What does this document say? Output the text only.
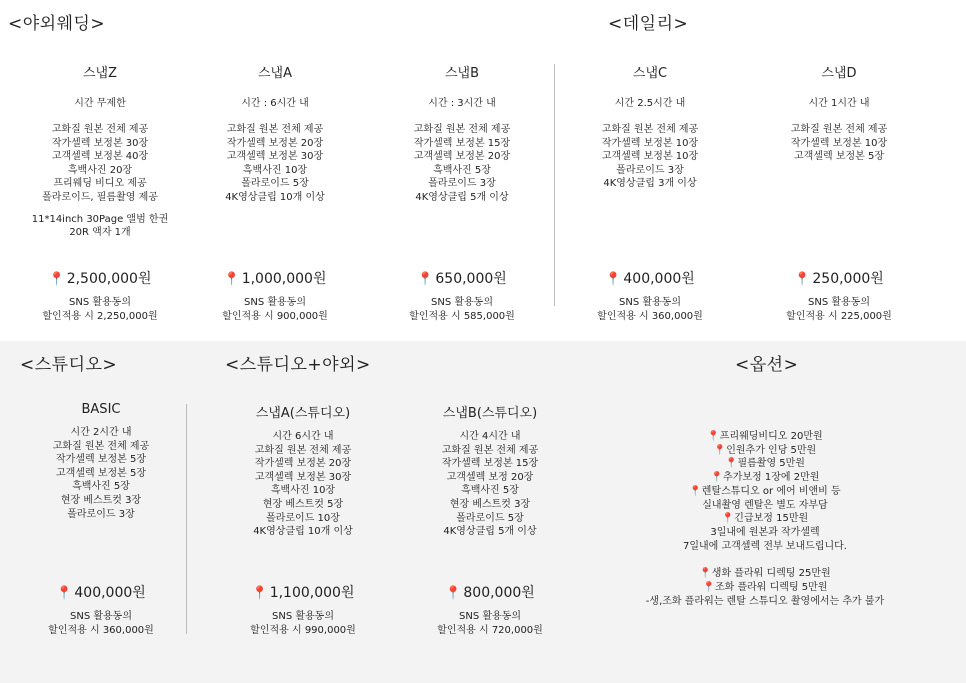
<야외웨딩>
스냅Z
시간 무제한
고화질 원본 전체 제공
작가셀렉 보정본 30장
고객셀렉 보정본 40장
흑백사진 20장
프리웨딩 비디오 제공
폴라로이드, 필름촬영 제공
11*14inch 30Page 앨범 한권
20R 액자 1개
📍 2,500,000원
SNS 활용동의
할인적용 시 2,250,000원
스냅A
시간 : 6시간 내
고화질 원본 전체 제공
작가셀렉 보정본 20장
고객셀렉 보정본 30장
흑백사진 10장
폴라로이드 5장
4K영상클립 10개 이상
📍 1,000,000원
SNS 활용동의
할인적용 시 900,000원
스냅B
시간 : 3시간 내
고화질 원본 전체 제공
작가셀렉 보정본 15장
고객셀렉 보정본 20장
흑백사진 5장
폴라로이드 3장
4K영상클립 5개 이상
📍 650,000원
SNS 활용동의
할인적용 시 585,000원
<데일리>
스냅C
시간 2.5시간 내
고화질 원본 전체 제공
작가셀렉 보정본 10장
고객셀렉 보정본 10장
폴라로이드 3장
4K영상클립 3개 이상
📍 400,000원
SNS 활용동의
할인적용 시 360,000원
스냅D
시간 1시간 내
고화질 원본 전체 제공
작가셀렉 보정본 10장
고객셀렉 보정본 5장
📍 250,000원
SNS 활용동의
할인적용 시 225,000원
<스튜디오>
BASIC
시간 2시간 내
고화질 원본 전체 제공
작가셀렉 보정본 5장
고객셀렉 보정본 5장
흑백사진 5장
현장 베스트컷 3장
폴라로이드 3장
📍 400,000원
SNS 활용동의
할인적용 시 360,000원
<스튜디오+야외>
스냅A(스튜디오)
시간 6시간 내
고화질 원본 전체 제공
작가셀렉 보정본 20장
고객셀렉 보정본 30장
흑백사진 10장
현장 베스트컷 5장
폴라로이드 10장
4K영상클립 10개 이상
📍 1,100,000원
SNS 활용동의
할인적용 시 990,000원
스냅B(스튜디오)
시간 4시간 내
고화질 원본 전체 제공
작가셀렉 보정본 15장
고객셀렉 보정 20장
흑백사진 5장
현장 베스트컷 3장
폴라로이드 5장
4K영상클립 5개 이상
📍 800,000원
SNS 활용동의
할인적용 시 720,000원
<옵션>
📍프리웨딩비디오 20만원
📍인원추가 인당 5만원
📍필름촬영 5만원
📍추가보정 1장에 2만원
📍렌탈스튜디오 or 에어 비앤비 등
실내촬영 렌탈은 별도 자부담
📍긴급보정 15만원
3일내에 원본과 작가셀렉
7일내에 고객셀렉 전부 보내드립니다.
📍생화 플라워 디렉팅 25만원
📍조화 플라워 디렉팅 5만원
-생,조화 플라워는 렌탈 스튜디오 촬영에서는 추가 불가
